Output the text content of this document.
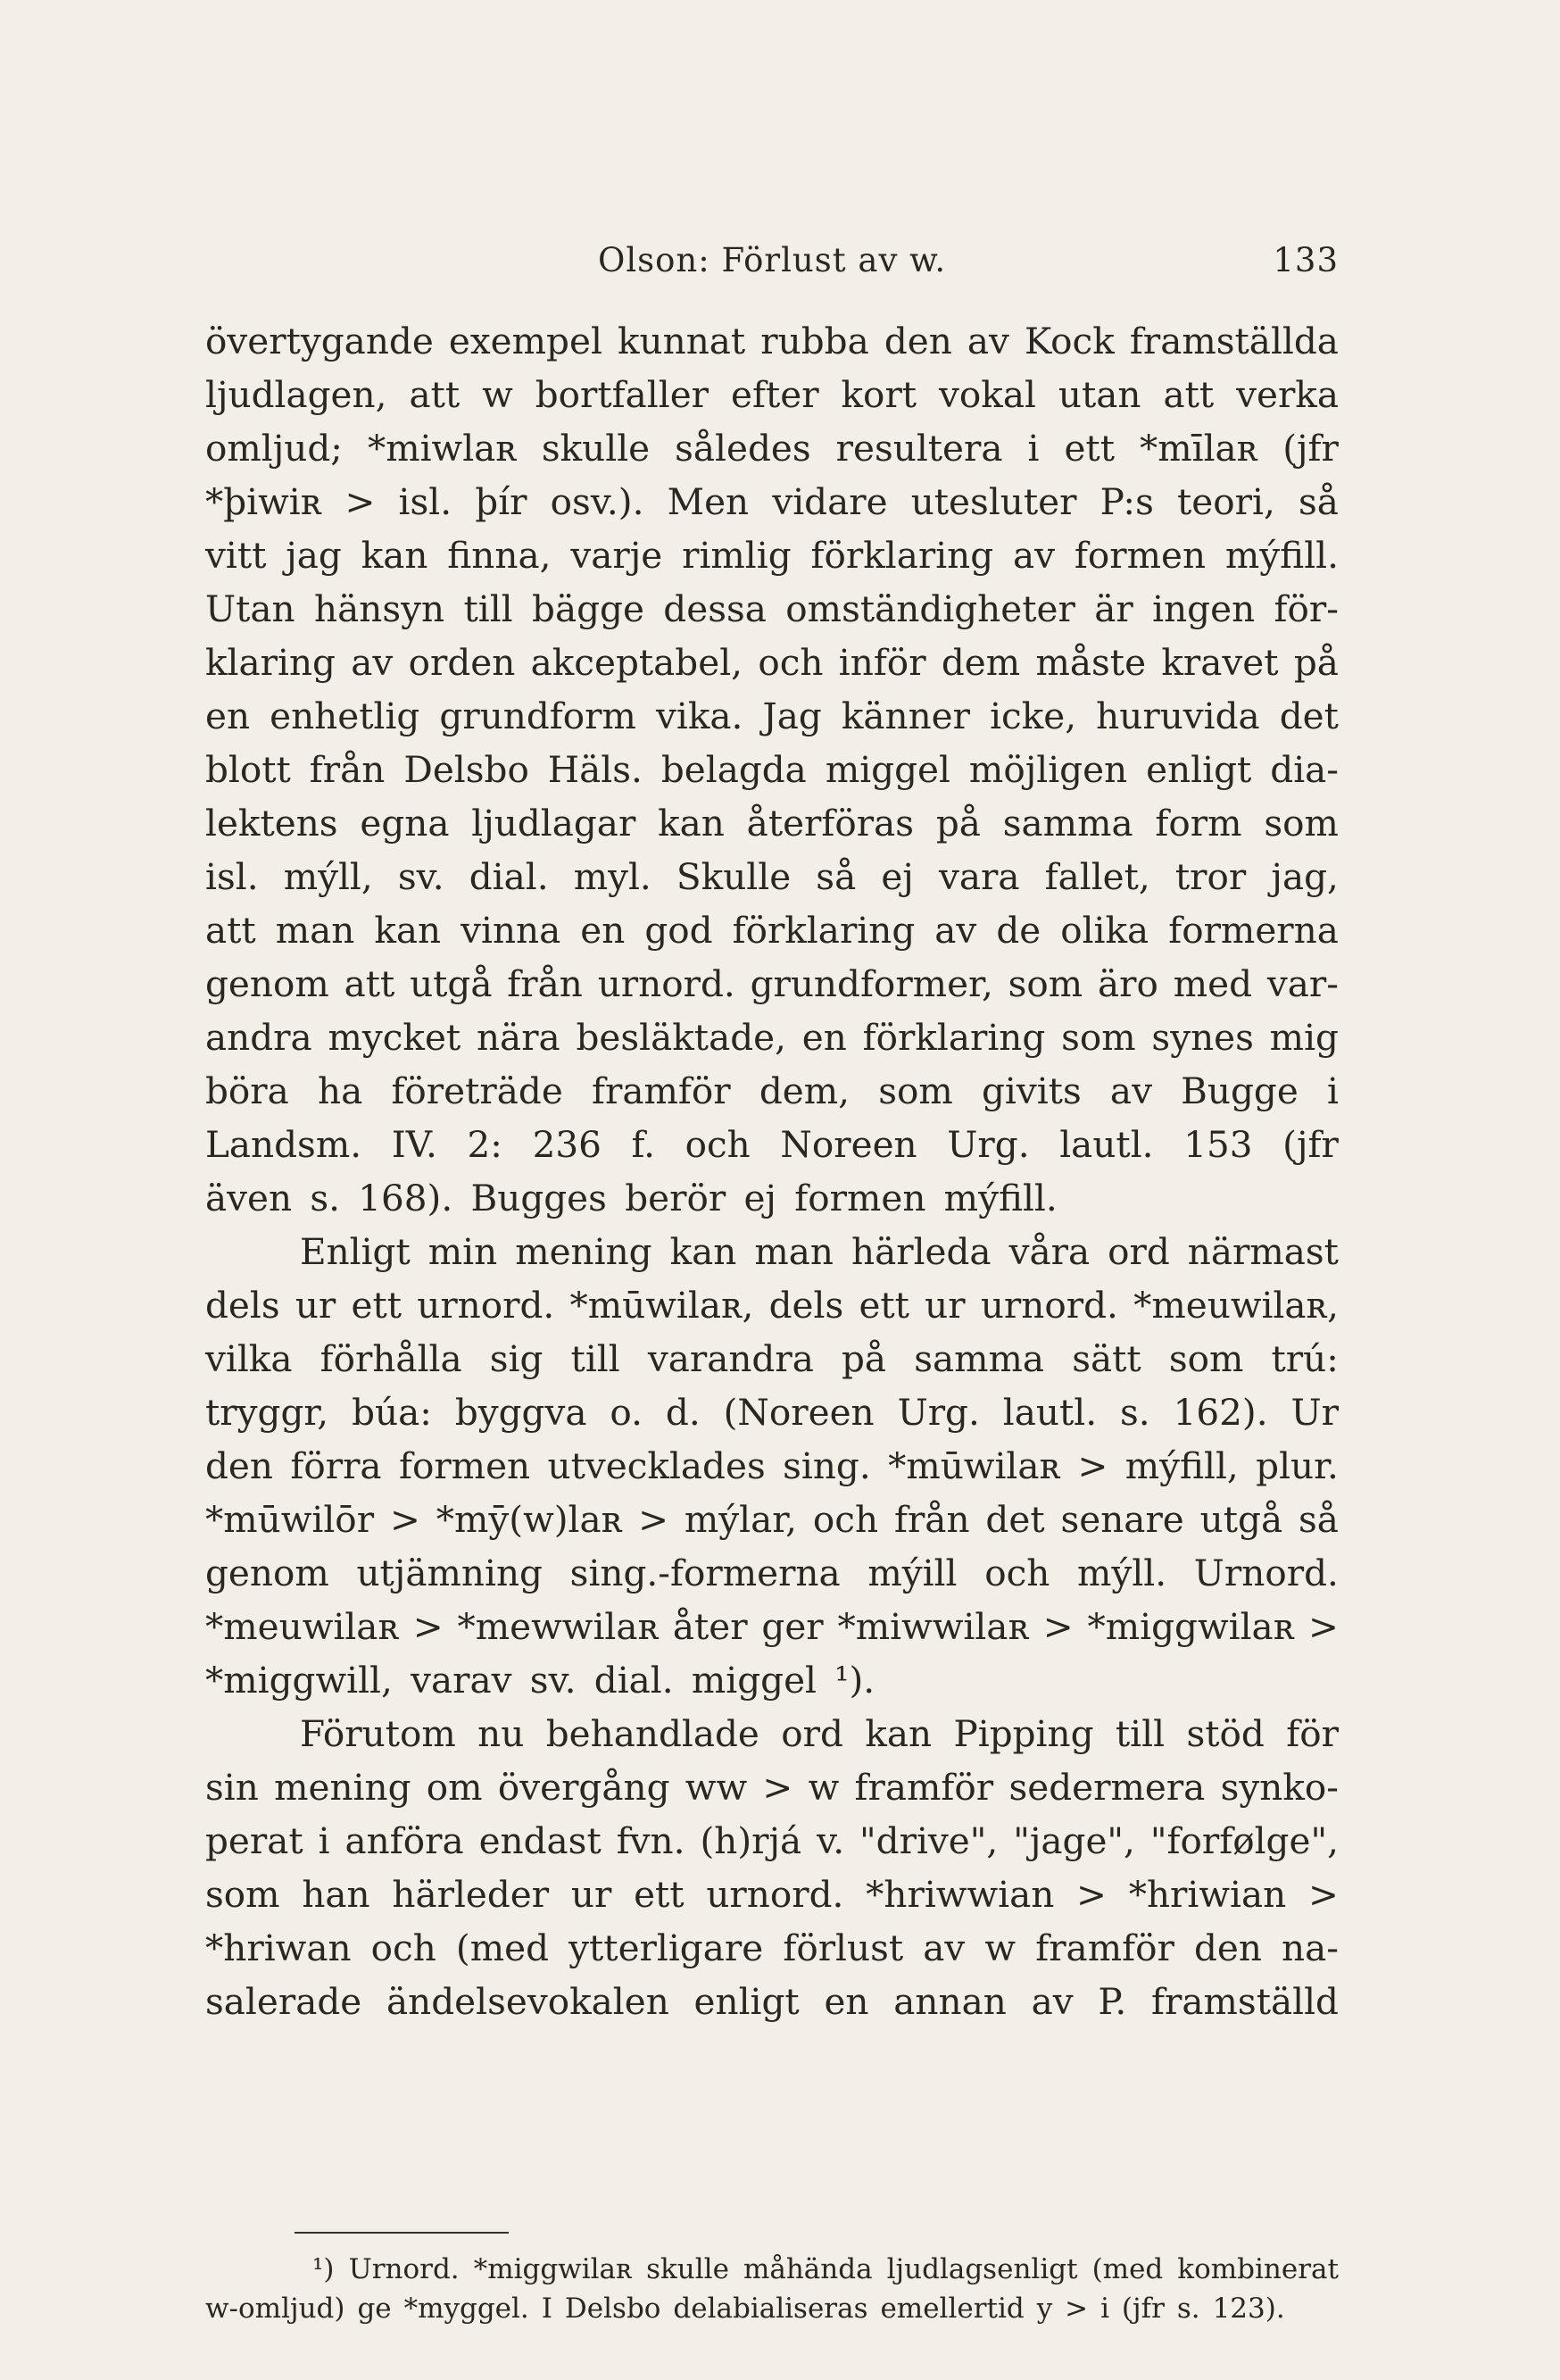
Olson: Förlust av w.	133
övertygande exempel kunnat rubba den av Kock framställda
ljudlagen, att w bortfaller efter kort vokal utan att verka
omljud; *miwlaʀ skulle således resultera i ett *mīlaʀ (jfr
*þiwiʀ > isl. þír osv.). Men vidare utesluter P:s teori, så
vitt jag kan finna, varje rimlig förklaring av formen mýfill.
Utan hänsyn till bägge dessa omständigheter är ingen för-
klaring av orden akceptabel, och inför dem måste kravet på
en enhetlig grundform vika. Jag känner icke, huruvida det
blott från Delsbo Häls. belagda miggel möjligen enligt dia-
lektens egna ljudlagar kan återföras på samma form som
isl. mýll, sv. dial. myl. Skulle så ej vara fallet, tror jag,
att man kan vinna en god förklaring av de olika formerna
genom att utgå från urnord. grundformer, som äro med var-
andra mycket nära besläktade, en förklaring som synes mig
böra ha företräde framför dem, som givits av Bugge i
Landsm. IV. 2: 236 f. och Noreen Urg. lautl. 153 (jfr
även s. 168). Bugges berör ej formen mýfill.
Enligt min mening kan man härleda våra ord närmast
dels ur ett urnord. *mūwilaʀ, dels ett ur urnord. *meuwilaʀ,
vilka förhålla sig till varandra på samma sätt som trú:
tryggr, búa: byggva o. d. (Noreen Urg. lautl. s. 162). Ur
den förra formen utvecklades sing. *mūwilaʀ > mýfill, plur.
*mūwilōr > *mȳ(w)laʀ > mýlar, och från det senare utgå så
genom utjämning sing.-formerna mýill och mýll. Urnord.
*meuwilaʀ > *mewwilaʀ åter ger *miwwilaʀ > *miggwilaʀ >
*miggwill, varav sv. dial. miggel ¹).
Förutom nu behandlade ord kan Pipping till stöd för
sin mening om övergång ww > w framför sedermera synko-
perat i anföra endast fvn. (h)rjá v. "drive", "jage", "forfølge",
som han härleder ur ett urnord. *hriwwian > *hriwian >
*hriwan och (med ytterligare förlust av w framför den na-
salerade ändelsevokalen enligt en annan av P. framställd
¹) Urnord. *miggwilaʀ skulle måhända ljudlagsenligt (med kombinerat
w-omljud) ge *myggel. I Delsbo delabialiseras emellertid y > i (jfr s. 123).
